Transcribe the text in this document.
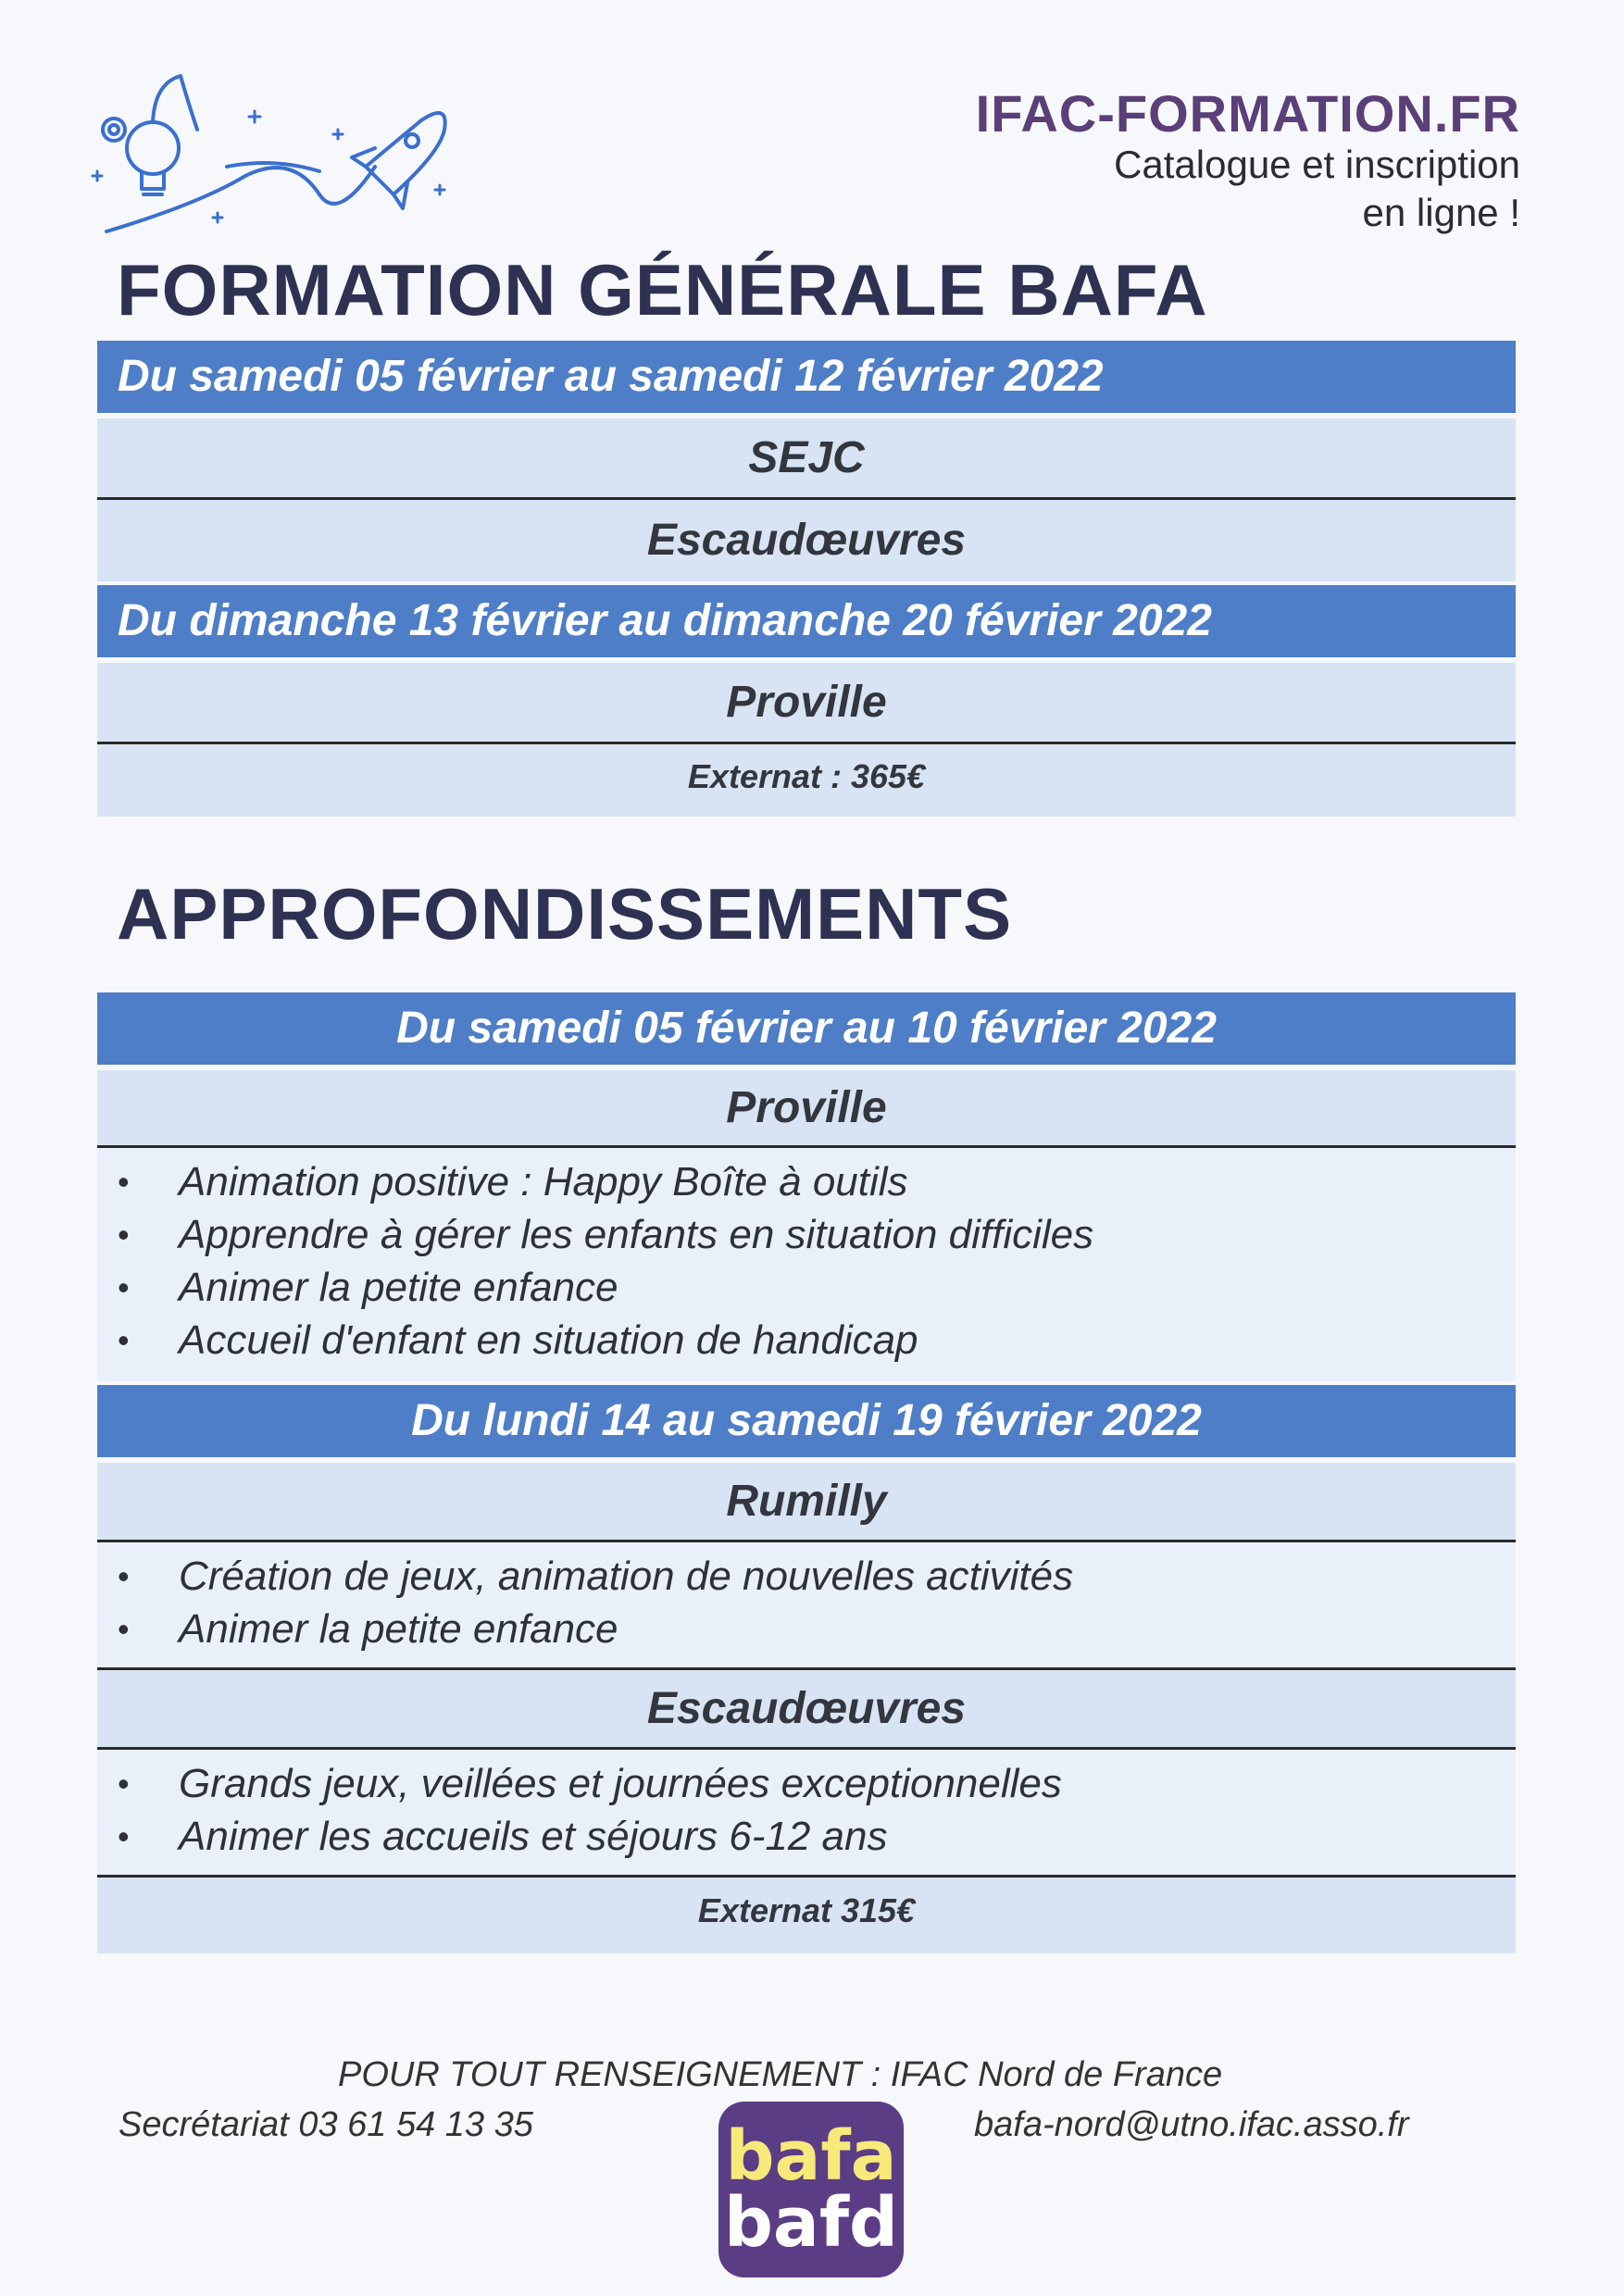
IFAC-FORMATION.FR
Catalogue et inscription
en ligne !
FORMATION GÉNÉRALE BAFA
Du samedi 05 février au samedi 12 février 2022
SEJC
Escaudœuvres
Du dimanche 13 février au dimanche 20 février 2022
Proville
Externat : 365€
APPROFONDISSEMENTS
Du samedi 05 février au 10 février 2022
Proville
• Animation positive : Happy Boîte à outils
• Apprendre à gérer les enfants en situation difficiles
• Animer la petite enfance
• Accueil d'enfant en situation de handicap
Du lundi 14 au samedi 19 février 2022
Rumilly
• Création de jeux, animation de nouvelles activités
• Animer la petite enfance
Escaudœuvres
• Grands jeux, veillées et journées exceptionnelles
• Animer les accueils et séjours 6-12 ans
Externat 315€
POUR TOUT RENSEIGNEMENT : IFAC Nord de France
Secrétariat 03 61 54 13 35	bafa-nord@utno.ifac.asso.fr
bafa
bafd
